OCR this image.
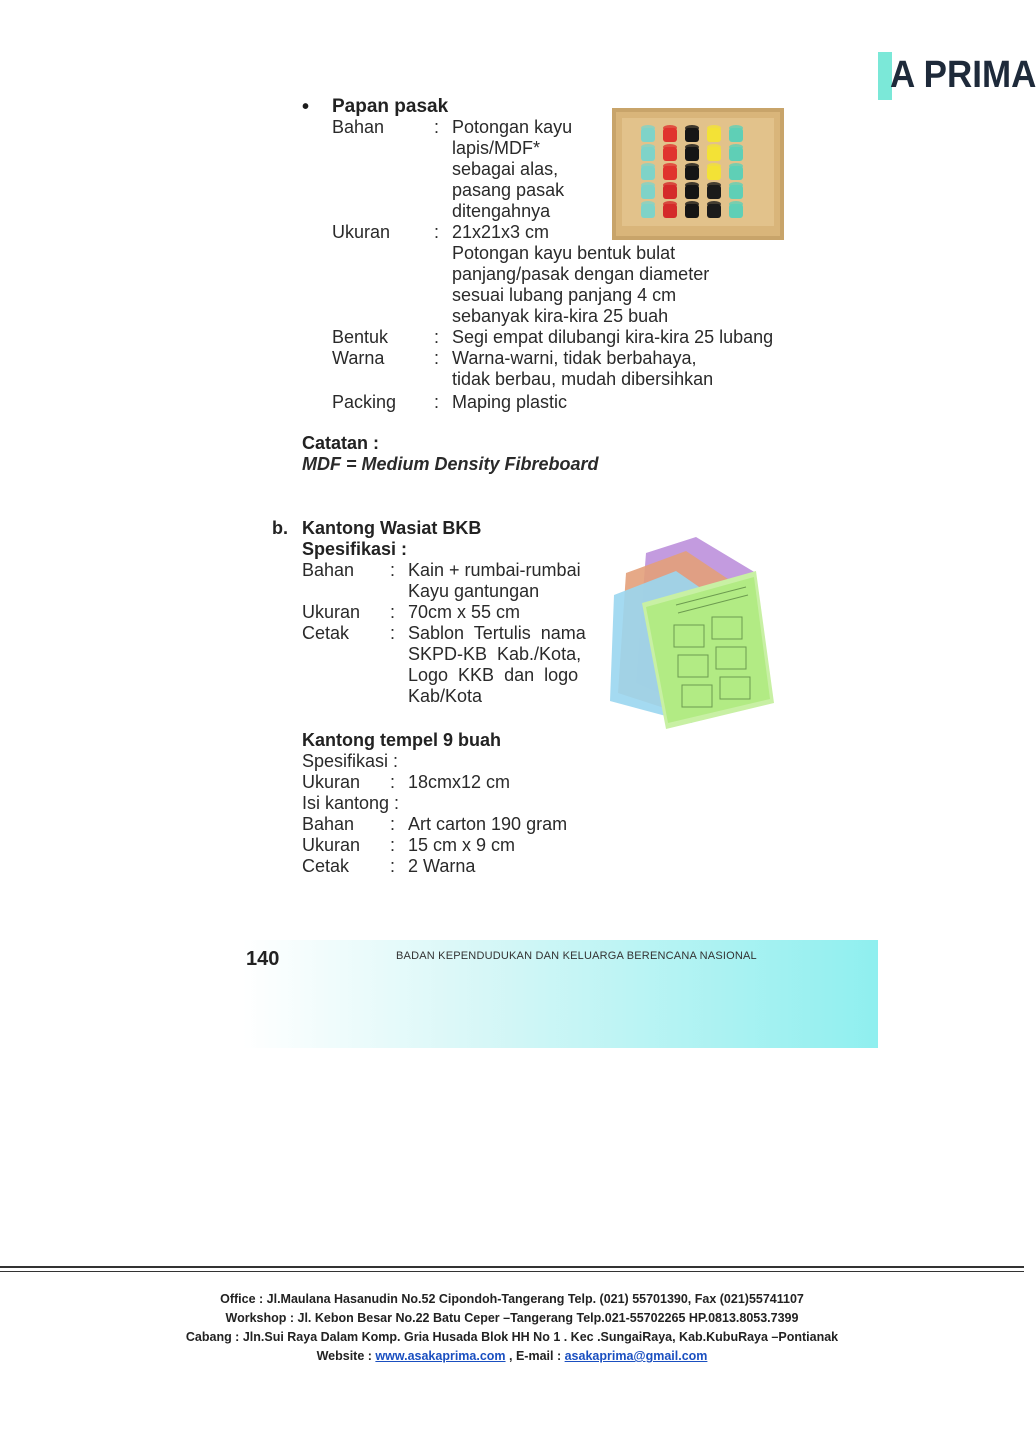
A PRIMA
• Papan pasak
Bahan	: Potongan kayu
lapis/MDF*
sebagai alas,
pasang pasak
ditengahnya
Ukuran	: 21x21x3 cm
Potongan kayu bentuk bulat
panjang/pasak dengan diameter
sesuai lubang panjang 4 cm
sebanyak kira-kira 25 buah
Bentuk	: Segi empat dilubangi kira-kira 25 lubang
Warna	: Warna-warni, tidak berbahaya,
tidak berbau, mudah dibersihkan
Packing	: Maping plastic
Catatan :
MDF = Medium Density Fibreboard
b. Kantong Wasiat BKB
Spesifikasi :
Bahan	: Kain + rumbai-rumbai
Kayu gantungan
Ukuran	: 70cm x 55 cm
Cetak	: Sablon  Tertulis  nama
SKPD-KB  Kab./Kota,
Logo  KKB  dan  logo
Kab/Kota
Kantong tempel 9 buah
Spesifikasi :
Ukuran	: 18cmx12 cm
Isi kantong :
Bahan	: Art carton 190 gram
Ukuran	: 15 cm x 9 cm
Cetak	: 2 Warna
140	BADAN KEPENDUDUKAN DAN KELUARGA BERENCANA NASIONAL
Office : Jl.Maulana Hasanudin No.52 Cipondoh-Tangerang Telp. (021) 55701390, Fax (021)55741107
Workshop : Jl. Kebon Besar No.22 Batu Ceper –Tangerang Telp.021-55702265 HP.0813.8053.7399
Cabang : Jln.Sui Raya Dalam Komp. Gria Husada Blok HH No 1 . Kec .SungaiRaya, Kab.KubuRaya –Pontianak
Website : www.asakaprima.com , E-mail : asakaprima@gmail.com
